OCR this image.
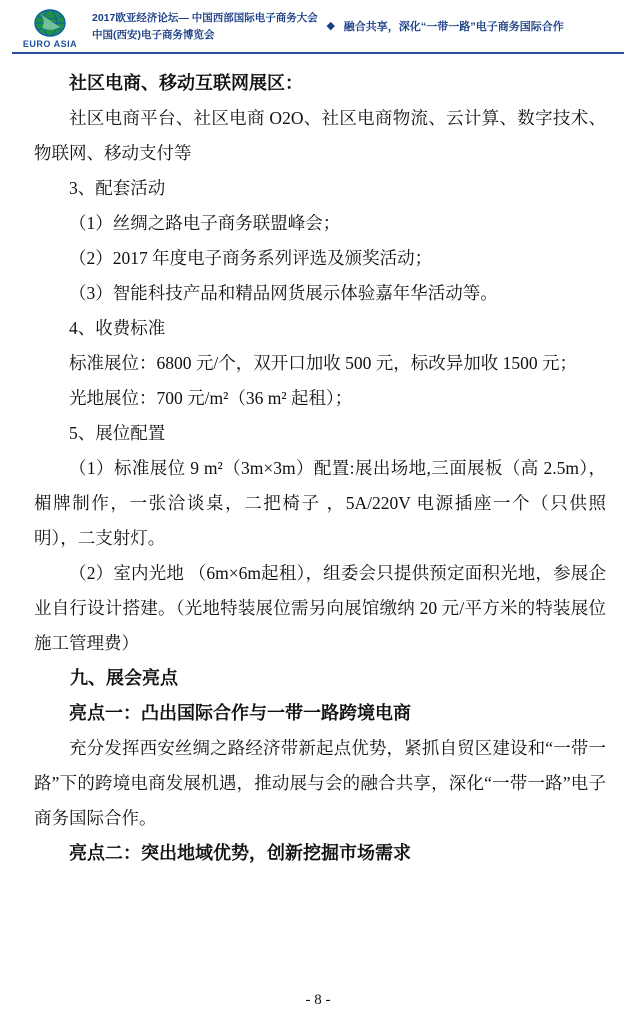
EURO ASIA
2017欧亚经济论坛— 中国西部国际电子商务大会
中国(西安)电子商务博览会
◆ 融合共享，深化“一带一路”电子商务国际合作

社区电商、移动互联网展区：

社区电商平台、社区电商 O2O、社区电商物流、云计算、数字技术、物联网、移动支付等

3、配套活动

（1）丝绸之路电子商务联盟峰会；

（2）2017 年度电子商务系列评选及颁奖活动；

（3）智能科技产品和精品网货展示体验嘉年华活动等。

4、收费标准

标准展位：6800 元/个，双开口加收 500 元，标改异加收 1500 元；

光地展位：700 元/m²（36 m² 起租）；

5、展位配置

（1）标准展位 9 m²（3m×3m）配置:展出场地,三面展板（高 2.5m），楣牌制作，一张洽谈桌，二把椅子 ，5A/220V 电源插座一个（只供照明），二支射灯。

（2）室内光地 （6m×6m起租），组委会只提供预定面积光地，参展企业自行设计搭建。（光地特装展位需另向展馆缴纳 20 元/平方米的特装展位施工管理费）

九、展会亮点

亮点一：凸出国际合作与一带一路跨境电商

充分发挥西安丝绸之路经济带新起点优势，紧抓自贸区建设和“一带一路”下的跨境电商发展机遇，推动展与会的融合共享，深化“一带一路”电子商务国际合作。

亮点二：突出地域优势，创新挖掘市场需求

- 8 -
